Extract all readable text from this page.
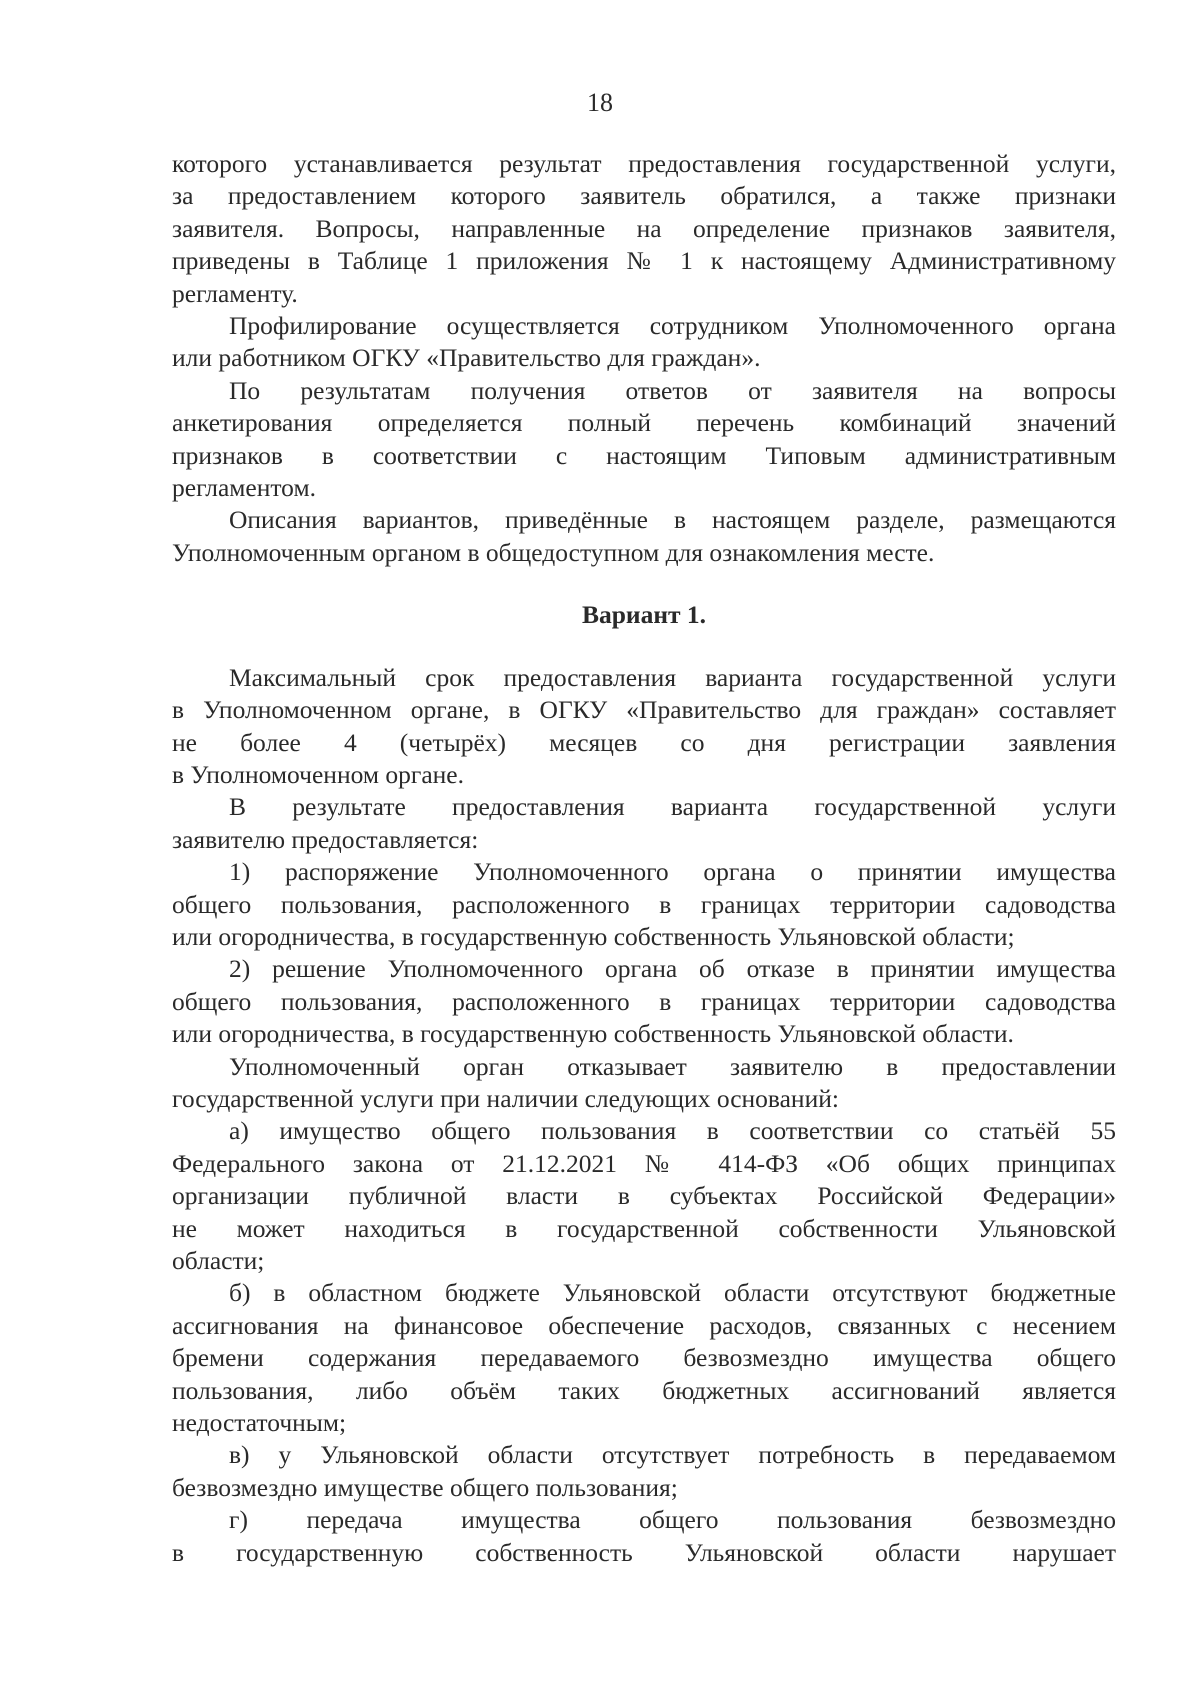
18
которого устанавливается результат предоставления государственной услуги,
за предоставлением которого заявитель обратился, а также признаки
заявителя. Вопросы, направленные на определение признаков заявителя,
приведены в Таблице 1 приложения № 1 к настоящему Административному
регламенту.
Профилирование осуществляется сотрудником Уполномоченного органа
или работником ОГКУ «Правительство для граждан».
По результатам получения ответов от заявителя на вопросы
анкетирования определяется полный перечень комбинаций значений
признаков в соответствии с настоящим Типовым административным
регламентом.
Описания вариантов, приведённые в настоящем разделе, размещаются
Уполномоченным органом в общедоступном для ознакомления месте.
Вариант 1.
Максимальный срок предоставления варианта государственной услуги
в Уполномоченном органе, в ОГКУ «Правительство для граждан» составляет
не более 4 (четырёх) месяцев со дня регистрации заявления
в Уполномоченном органе.
В результате предоставления варианта государственной услуги
заявителю предоставляется:
1) распоряжение Уполномоченного органа о принятии имущества
общего пользования, расположенного в границах территории садоводства
или огородничества, в государственную собственность Ульяновской области;
2) решение Уполномоченного органа об отказе в принятии имущества
общего пользования, расположенного в границах территории садоводства
или огородничества, в государственную собственность Ульяновской области.
Уполномоченный орган отказывает заявителю в предоставлении
государственной услуги при наличии следующих оснований:
а) имущество общего пользования в соответствии со статьёй 55
Федерального закона от 21.12.2021 № 414-ФЗ «Об общих принципах
организации публичной власти в субъектах Российской Федерации»
не может находиться в государственной собственности Ульяновской
области;
б) в областном бюджете Ульяновской области отсутствуют бюджетные
ассигнования на финансовое обеспечение расходов, связанных с несением
бремени содержания передаваемого безвозмездно имущества общего
пользования, либо объём таких бюджетных ассигнований является
недостаточным;
в) у Ульяновской области отсутствует потребность в передаваемом
безвозмездно имуществе общего пользования;
г) передача имущества общего пользования безвозмездно
в государственную собственность Ульяновской области нарушает
